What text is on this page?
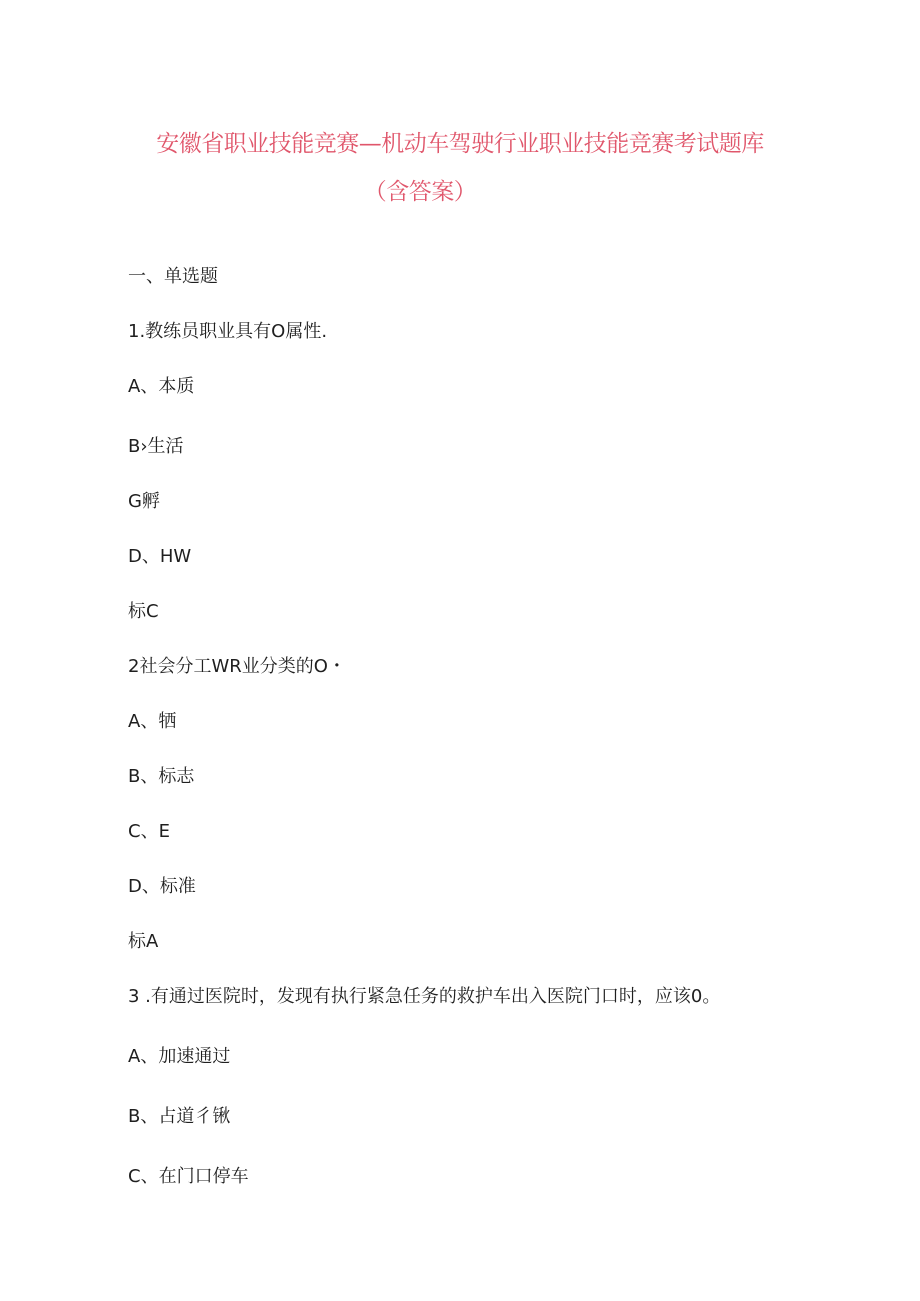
安徽省职业技能竞赛—机动车驾驶行业职业技能竞赛考试题库
（含答案）
一、单选题
1.教练员职业具有O属性.
A、本质
B›生活
G孵
D、HW
标C
2社会分工WR业分类的O・
A、牺
B、标志
C、E
D、标准
标A
3 .有通过医院时，发现有执行紧急任务的救护车出入医院门口时，应该0。
A、加速通过
B、占道彳锹
C、在门口停车
